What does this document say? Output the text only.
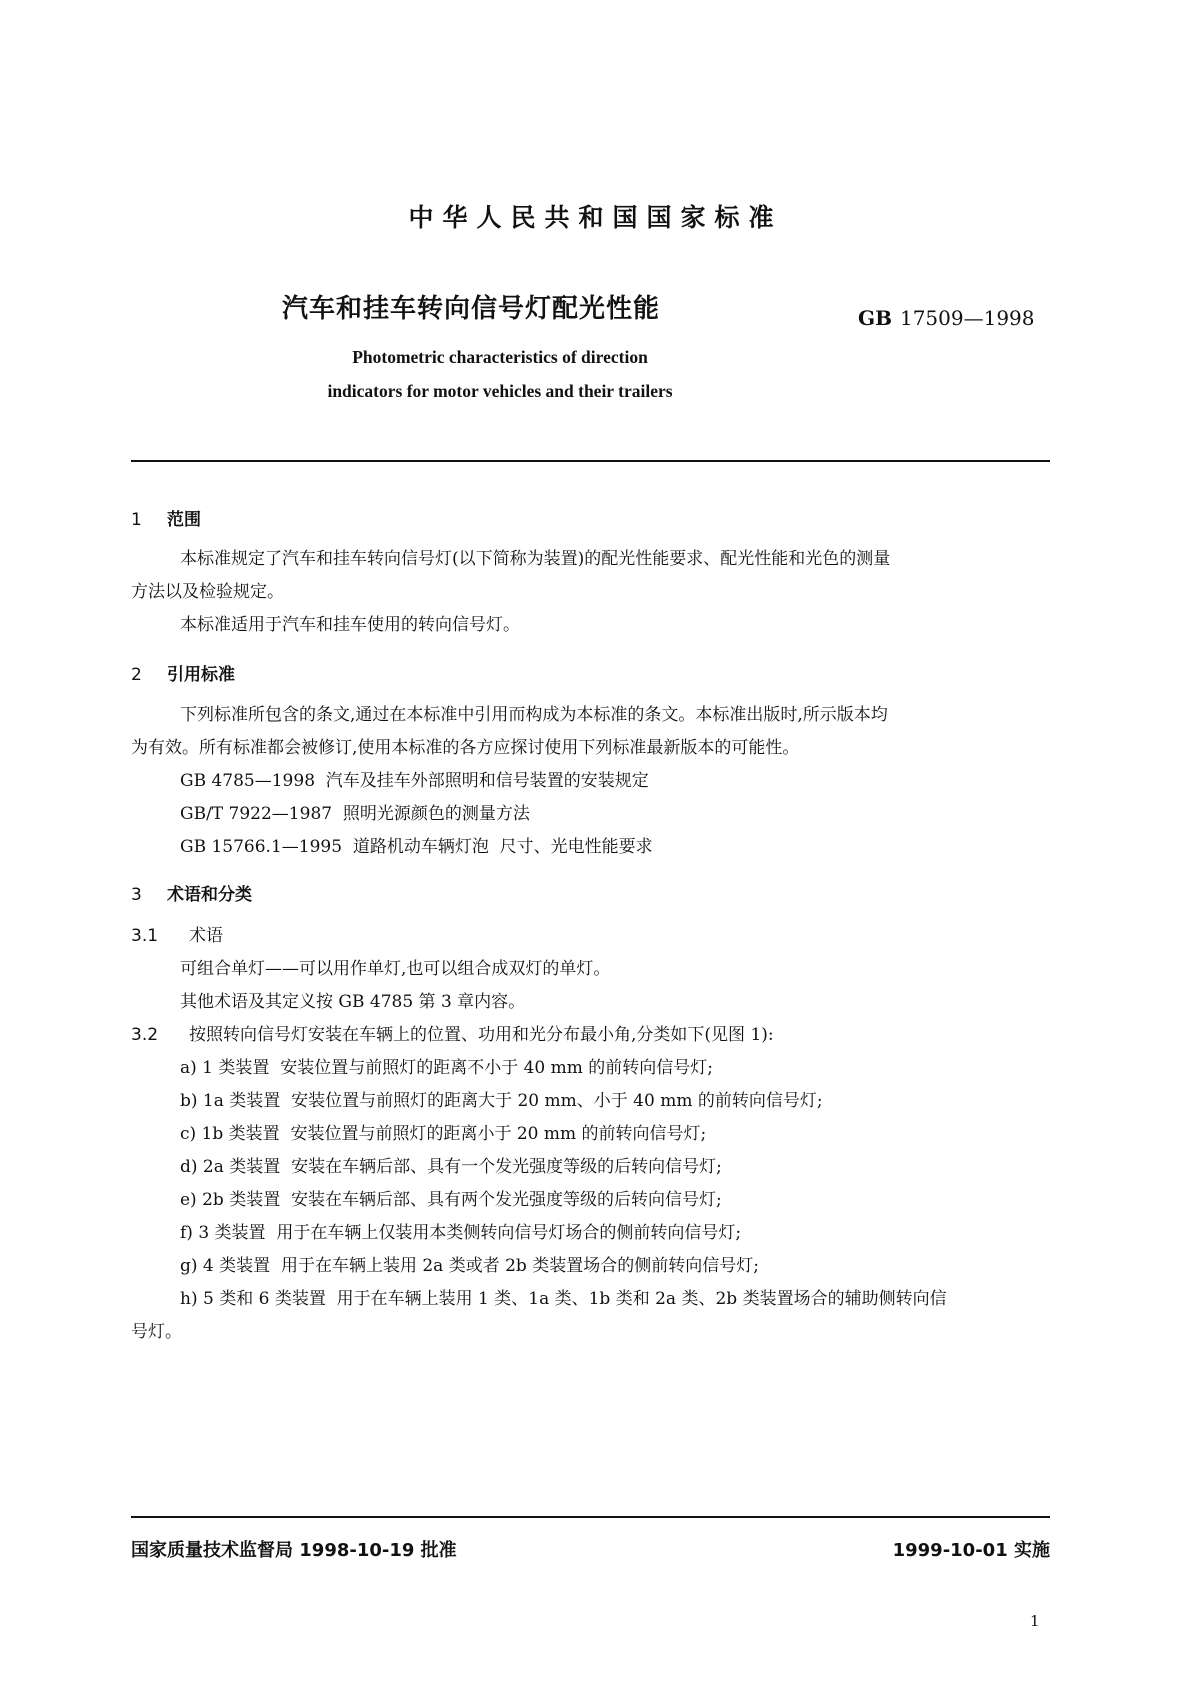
中华人民共和国国家标准
汽车和挂车转向信号灯配光性能	GB 17509—1998
Photometric characteristics of direction
indicators for motor vehicles and their trailers
1 范围
本标准规定了汽车和挂车转向信号灯(以下简称为装置)的配光性能要求、配光性能和光色的测量
方法以及检验规定。
本标准适用于汽车和挂车使用的转向信号灯。
2 引用标准
下列标准所包含的条文,通过在本标准中引用而构成为本标准的条文。本标准出版时,所示版本均
为有效。所有标准都会被修订,使用本标准的各方应探讨使用下列标准最新版本的可能性。
GB 4785—1998  汽车及挂车外部照明和信号装置的安装规定
GB/T 7922—1987  照明光源颜色的测量方法
GB 15766.1—1995  道路机动车辆灯泡  尺寸、光电性能要求
3 术语和分类
3.1 术语
可组合单灯——可以用作单灯,也可以组合成双灯的单灯。
其他术语及其定义按 GB 4785 第 3 章内容。
3.2 按照转向信号灯安装在车辆上的位置、功用和光分布最小角,分类如下(见图 1):
a) 1 类装置  安装位置与前照灯的距离不小于 40 mm 的前转向信号灯;
b) 1a 类装置  安装位置与前照灯的距离大于 20 mm、小于 40 mm 的前转向信号灯;
c) 1b 类装置  安装位置与前照灯的距离小于 20 mm 的前转向信号灯;
d) 2a 类装置  安装在车辆后部、具有一个发光强度等级的后转向信号灯;
e) 2b 类装置  安装在车辆后部、具有两个发光强度等级的后转向信号灯;
f) 3 类装置  用于在车辆上仅装用本类侧转向信号灯场合的侧前转向信号灯;
g) 4 类装置  用于在车辆上装用 2a 类或者 2b 类装置场合的侧前转向信号灯;
h) 5 类和 6 类装置  用于在车辆上装用 1 类、1a 类、1b 类和 2a 类、2b 类装置场合的辅助侧转向信
号灯。
国家质量技术监督局 1998-10-19 批准	1999-10-01 实施
1
